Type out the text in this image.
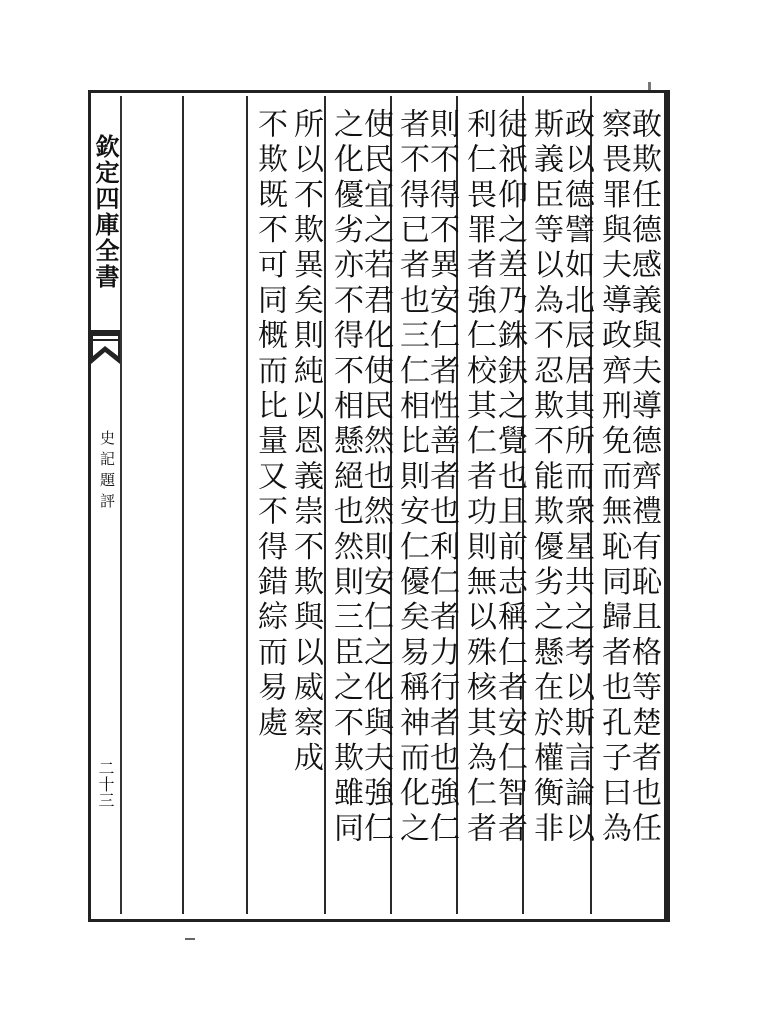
欽定四庫全書
史記題評
二十三	敢欺任德感義與夫導德齊禮有恥且格等楚者也任
察畏罪與夫導政齊刑免而無恥同歸者也孔子曰為
政以德譬如北辰居其所而衆星共之考以斯言論以
斯義臣等以為不忍欺不能欺優劣之懸在於權衡非
徒祇仰之差乃銖鈇之覺也且前志稱仁者安仁智者
利仁畏罪者強仁校其仁者功則無以殊核其為仁者
則不得不異安仁者性善者也利仁者力行者也強仁
者不得已者也三仁相比則安仁優矣易稱神而化之
使民宜之若君化使民然也然則安仁之化與夫強仁
之化優劣亦不得不相懸絕也然則三臣之不欺雖同
所以不欺異矣則純以恩義崇不欺與以威察成
不欺既不可同概而比量又不得錯綜而易處
